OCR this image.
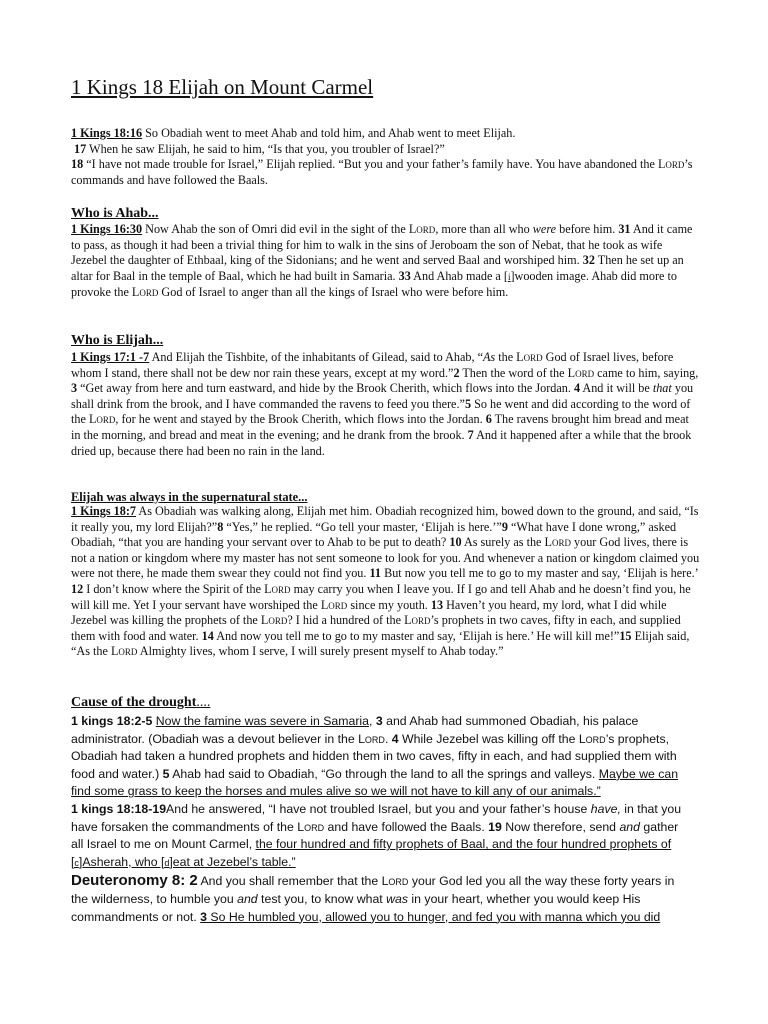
1 Kings 18 Elijah on Mount Carmel
1 Kings 18:16 So Obadiah went to meet Ahab and told him, and Ahab went to meet Elijah.
17 When he saw Elijah, he said to him, “Is that you, you troubler of Israel?”
18 “I have not made trouble for Israel,” Elijah replied. “But you and your father’s family have. You have abandoned the Lord’s commands and have followed the Baals.
Who is Ahab...
1 Kings 16:30 Now Ahab the son of Omri did evil in the sight of the Lord, more than all who were before him. 31 And it came to pass, as though it had been a trivial thing for him to walk in the sins of Jeroboam the son of Nebat, that he took as wife Jezebel the daughter of Ethbaal, king of the Sidonians; and he went and served Baal and worshiped him. 32 Then he set up an altar for Baal in the temple of Baal, which he had built in Samaria. 33 And Ahab made a [i]wooden image. Ahab did more to provoke the Lord God of Israel to anger than all the kings of Israel who were before him.
Who is Elijah...
1 Kings 17:1 -7 And Elijah the Tishbite, of the inhabitants of Gilead, said to Ahab, “As the Lord God of Israel lives, before whom I stand, there shall not be dew nor rain these years, except at my word.”2 Then the word of the Lord came to him, saying, 3 “Get away from here and turn eastward, and hide by the Brook Cherith, which flows into the Jordan. 4 And it will be that you shall drink from the brook, and I have commanded the ravens to feed you there.”5 So he went and did according to the word of the Lord, for he went and stayed by the Brook Cherith, which flows into the Jordan. 6 The ravens brought him bread and meat in the morning, and bread and meat in the evening; and he drank from the brook. 7 And it happened after a while that the brook dried up, because there had been no rain in the land.
Elijah was always in the supernatural state...
1 Kings 18:7 As Obadiah was walking along, Elijah met him. Obadiah recognized him, bowed down to the ground, and said, “Is it really you, my lord Elijah?”8 “Yes,” he replied. “Go tell your master, ‘Elijah is here.’”9 “What have I done wrong,” asked Obadiah, “that you are handing your servant over to Ahab to be put to death? 10 As surely as the Lord your God lives, there is not a nation or kingdom where my master has not sent someone to look for you. And whenever a nation or kingdom claimed you were not there, he made them swear they could not find you. 11 But now you tell me to go to my master and say, ‘Elijah is here.’ 12 I don’t know where the Spirit of the Lord may carry you when I leave you. If I go and tell Ahab and he doesn’t find you, he will kill me. Yet I your servant have worshiped the Lord since my youth. 13 Haven’t you heard, my lord, what I did while Jezebel was killing the prophets of the Lord? I hid a hundred of the Lord’s prophets in two caves, fifty in each, and supplied them with food and water. 14 And now you tell me to go to my master and say, ‘Elijah is here.’ He will kill me!”15 Elijah said, “As the Lord Almighty lives, whom I serve, I will surely present myself to Ahab today.”
Cause of the drought....
1 kings 18:2-5 Now the famine was severe in Samaria, 3 and Ahab had summoned Obadiah, his palace administrator. (Obadiah was a devout believer in the Lord. 4 While Jezebel was killing off the Lord’s prophets, Obadiah had taken a hundred prophets and hidden them in two caves, fifty in each, and had supplied them with food and water.) 5 Ahab had said to Obadiah, “Go through the land to all the springs and valleys. Maybe we can find some grass to keep the horses and mules alive so we will not have to kill any of our animals.”
1 kings 18:18-19And he answered, “I have not troubled Israel, but you and your father’s house have, in that you have forsaken the commandments of the Lord and have followed the Baals. 19 Now therefore, send and gather all Israel to me on Mount Carmel, the four hundred and fifty prophets of Baal, and the four hundred prophets of [c]Asherah, who [d]eat at Jezebel’s table.”
Deuteronomy 8: 2 And you shall remember that the Lord your God led you all the way these forty years in the wilderness, to humble you and test you, to know what was in your heart, whether you would keep His commandments or not. 3 So He humbled you, allowed you to hunger, and fed you with manna which you did
